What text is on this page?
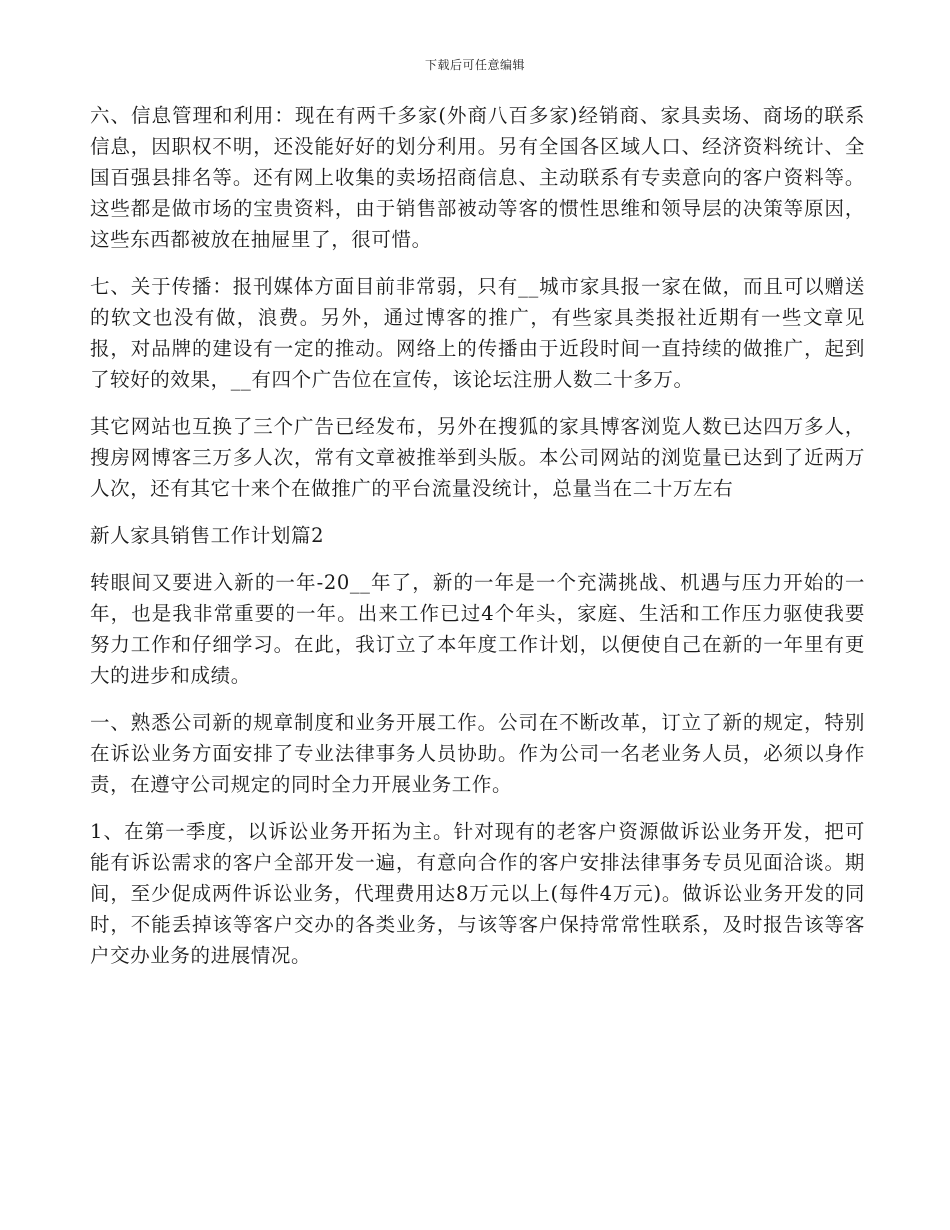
下载后可任意编辑

六、信息管理和利用：现在有两千多家(外商八百多家)经销商、家具卖场、商场的联系信息，因职权不明，还没能好好的划分利用。另有全国各区域人口、经济资料统计、全国百强县排名等。还有网上收集的卖场招商信息、主动联系有专卖意向的客户资料等。这些都是做市场的宝贵资料，由于销售部被动等客的惯性思维和领导层的决策等原因，这些东西都被放在抽屉里了，很可惜。

七、关于传播：报刊媒体方面目前非常弱，只有__城市家具报一家在做，而且可以赠送的软文也没有做，浪费。另外，通过博客的推广，有些家具类报社近期有一些文章见报，对品牌的建设有一定的推动。网络上的传播由于近段时间一直持续的做推广，起到了较好的效果，__有四个广告位在宣传，该论坛注册人数二十多万。

其它网站也互换了三个广告已经发布，另外在搜狐的家具博客浏览人数已达四万多人，搜房网博客三万多人次，常有文章被推举到头版。本公司网站的浏览量已达到了近两万人次，还有其它十来个在做推广的平台流量没统计，总量当在二十万左右

新人家具销售工作计划篇2

转眼间又要进入新的一年-20__年了，新的一年是一个充满挑战、机遇与压力开始的一年，也是我非常重要的一年。出来工作已过4个年头，家庭、生活和工作压力驱使我要努力工作和仔细学习。在此，我订立了本年度工作计划，以便使自己在新的一年里有更大的进步和成绩。

一、熟悉公司新的规章制度和业务开展工作。公司在不断改革，订立了新的规定，特别在诉讼业务方面安排了专业法律事务人员协助。作为公司一名老业务人员，必须以身作责，在遵守公司规定的同时全力开展业务工作。

1、在第一季度，以诉讼业务开拓为主。针对现有的老客户资源做诉讼业务开发，把可能有诉讼需求的客户全部开发一遍，有意向合作的客户安排法律事务专员见面洽谈。期间，至少促成两件诉讼业务，代理费用达8万元以上(每件4万元)。做诉讼业务开发的同时，不能丢掉该等客户交办的各类业务，与该等客户保持常常性联系，及时报告该等客户交办业务的进展情况。
